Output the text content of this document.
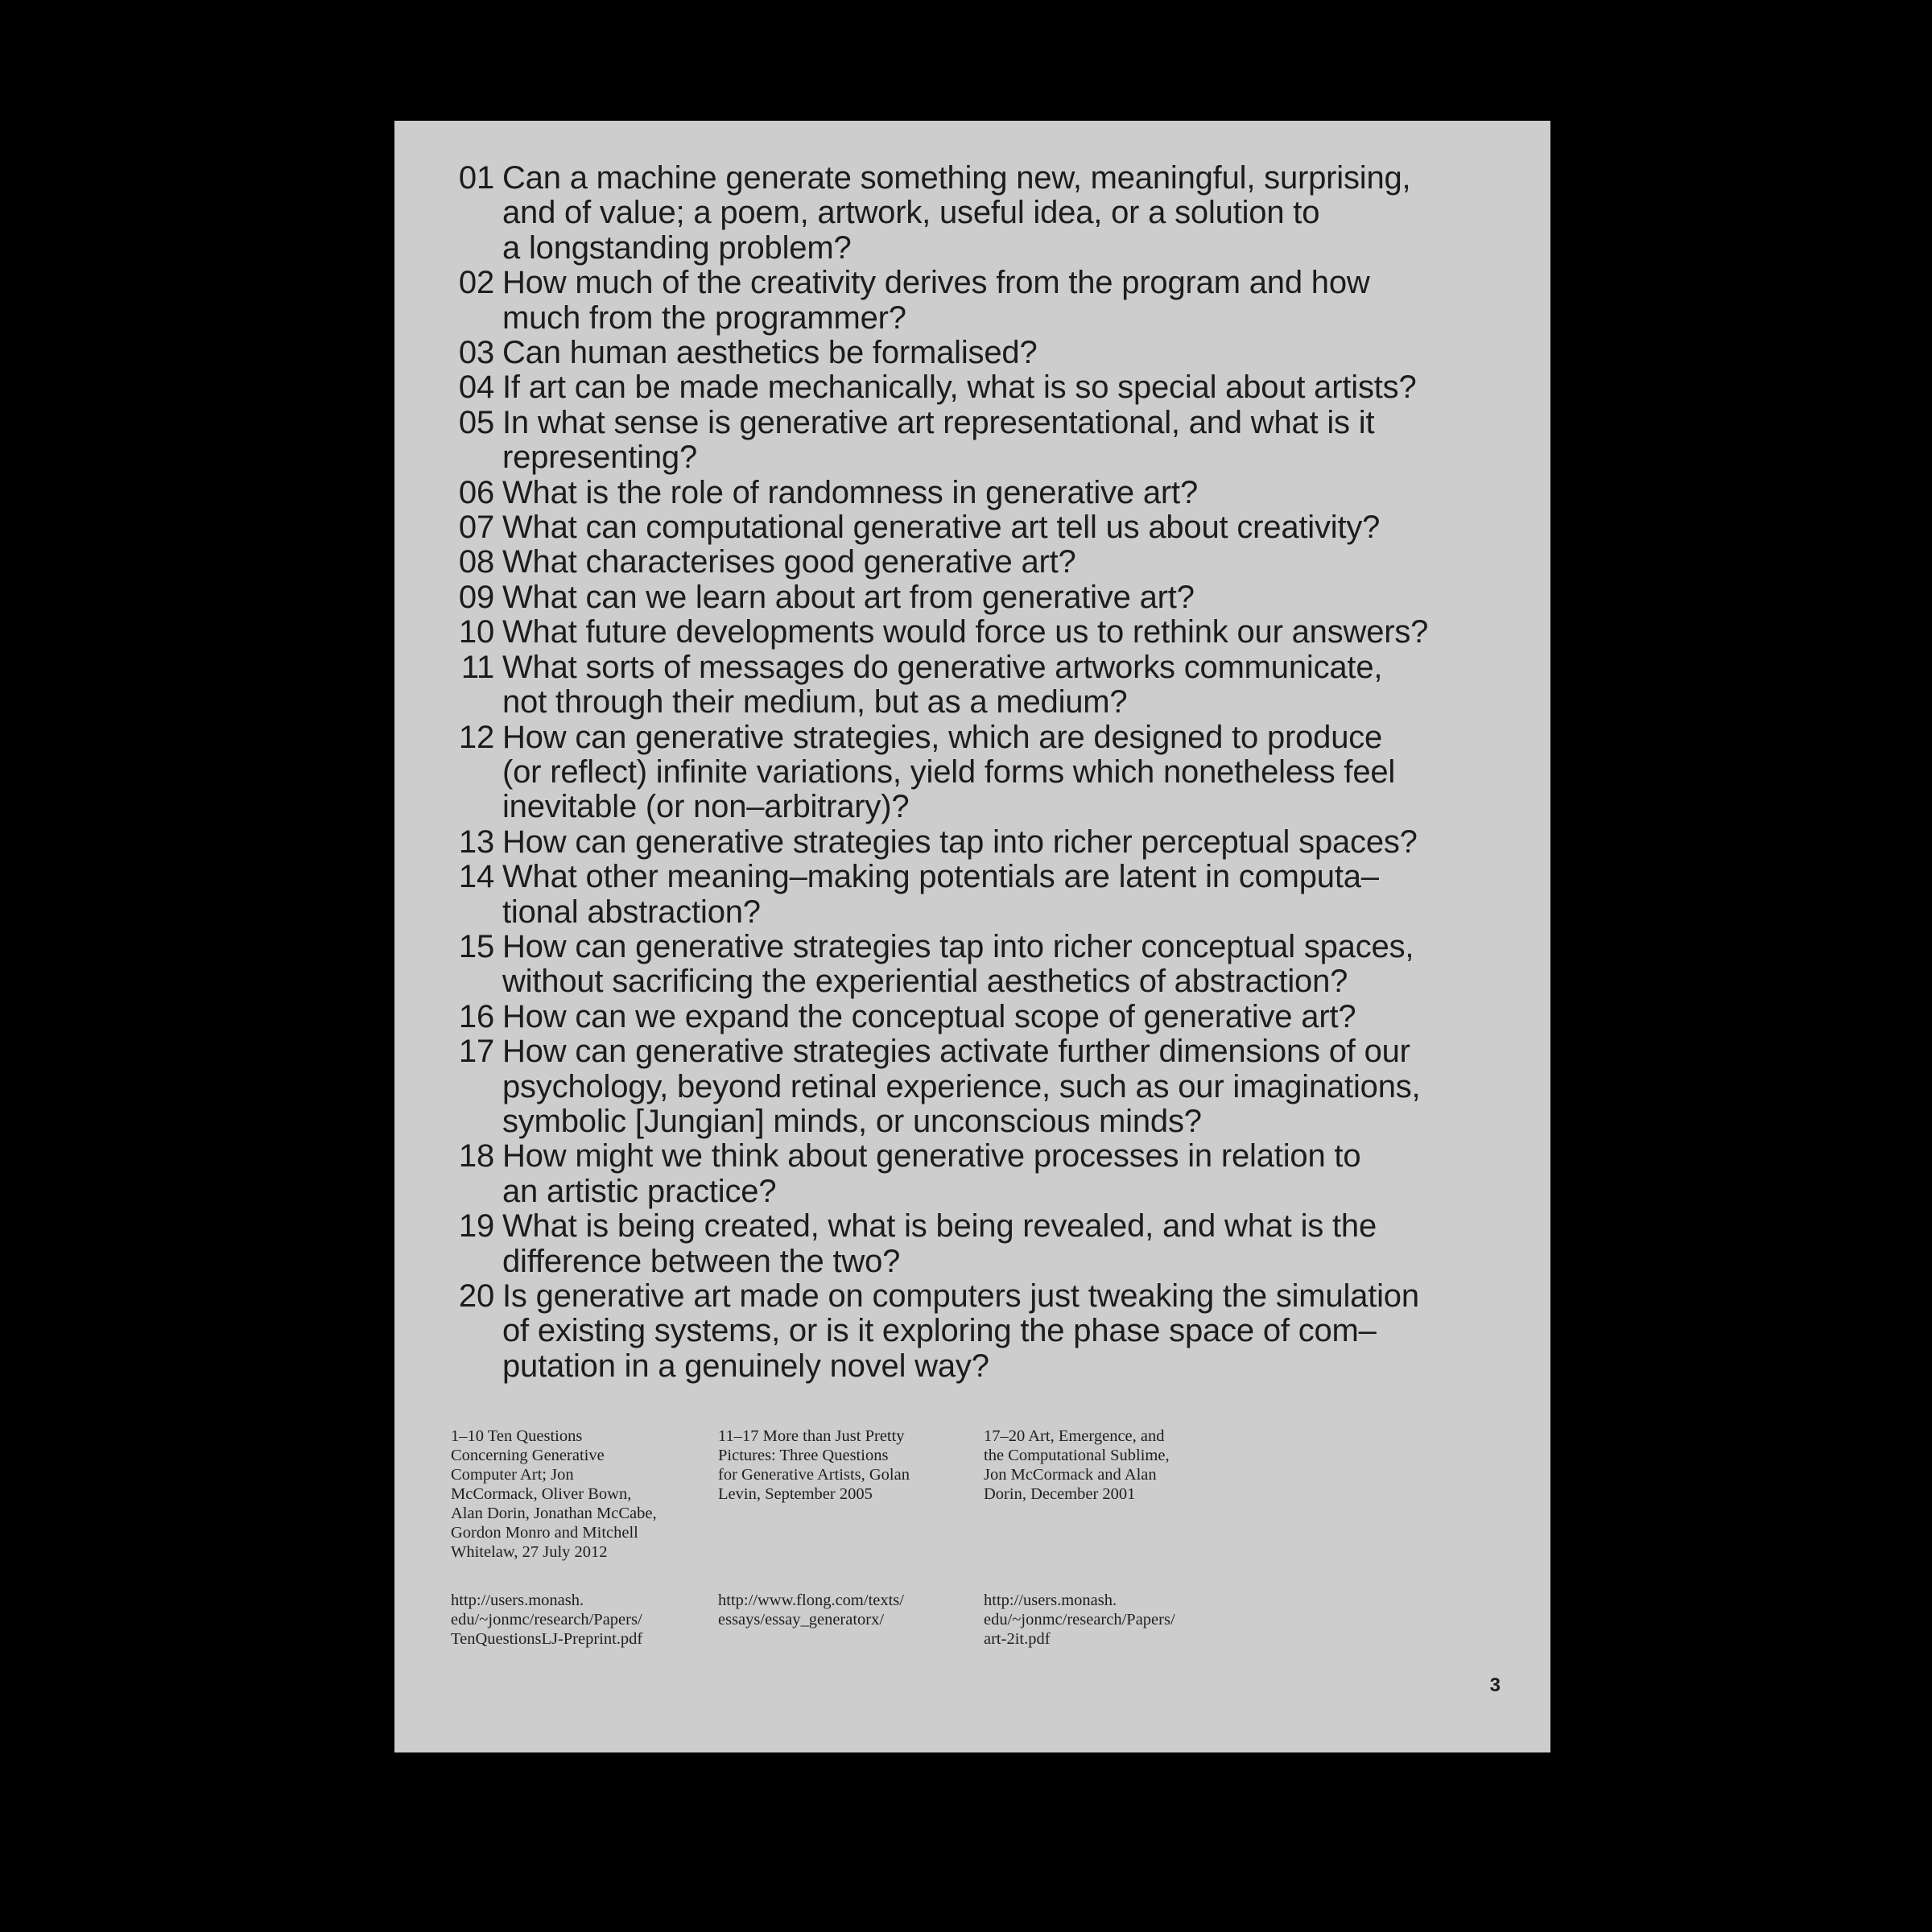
01 Can a machine generate something new, meaningful, surprising,
and of value; a poem, artwork, useful idea, or a solution to
a longstanding problem?
02 How much of the creativity derives from the program and how
much from the programmer?
03 Can human aesthetics be formalised?
04 If art can be made mechanically, what is so special about artists?
05 In what sense is generative art representational, and what is it
representing?
06 What is the role of randomness in generative art?
07 What can computational generative art tell us about creativity?
08 What characterises good generative art?
09 What can we learn about art from generative art?
10 What future developments would force us to rethink our answers?
11 What sorts of messages do generative artworks communicate,
not through their medium, but as a medium?
12 How can generative strategies, which are designed to produce
(or reflect) infinite variations, yield forms which nonetheless feel
inevitable (or non–arbitrary)?
13 How can generative strategies tap into richer perceptual spaces?
14 What other meaning–making potentials are latent in computa–
tional abstraction?
15 How can generative strategies tap into richer conceptual spaces,
without sacrificing the experiential aesthetics of abstraction?
16 How can we expand the conceptual scope of generative art?
17 How can generative strategies activate further dimensions of our
psychology, beyond retinal experience, such as our imaginations,
symbolic [Jungian] minds, or unconscious minds?
18 How might we think about generative processes in relation to
an artistic practice?
19 What is being created, what is being revealed, and what is the
difference between the two?
20 Is generative art made on computers just tweaking the simulation
of existing systems, or is it exploring the phase space of com–
putation in a genuinely novel way?
1–10 Ten Questions
Concerning Generative
Computer Art; Jon
McCormack, Oliver Bown,
Alan Dorin, Jonathan McCabe,
Gordon Monro and Mitchell
Whitelaw, 27 July 2012
http://users.monash.
edu/~jonmc/research/Papers/
TenQuestionsLJ-Preprint.pdf
11–17 More than Just Pretty
Pictures: Three Questions
for Generative Artists, Golan
Levin, September 2005
http://www.flong.com/texts/
essays/essay_generatorx/
17–20 Art, Emergence, and
the Computational Sublime,
Jon McCormack and Alan
Dorin, December 2001
http://users.monash.
edu/~jonmc/research/Papers/
art-2it.pdf
3
